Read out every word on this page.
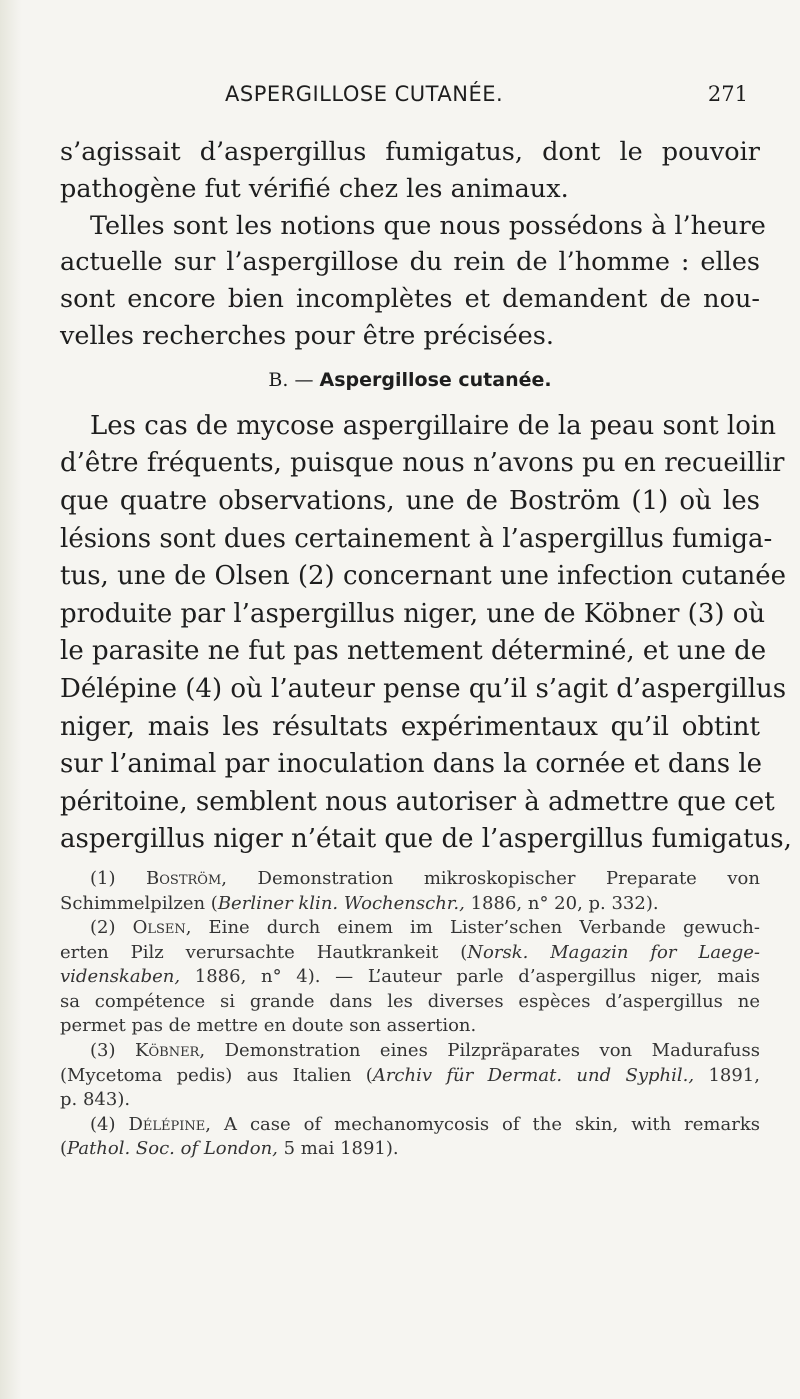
ASPERGILLOSE CUTANÉE.	271
s’agissait d’aspergillus fumigatus, dont le pouvoir
pathogène fut vérifié chez les animaux.
Telles sont les notions que nous possédons à l’heure
actuelle sur l’aspergillose du rein de l’homme : elles
sont encore bien incomplètes et demandent de nou-
velles recherches pour être précisées.
B. — Aspergillose cutanée.
Les cas de mycose aspergillaire de la peau sont loin
d’être fréquents, puisque nous n’avons pu en recueillir
que quatre observations, une de Boström (1) où les
lésions sont dues certainement à l’aspergillus fumiga-
tus, une de Olsen (2) concernant une infection cutanée
produite par l’aspergillus niger, une de Köbner (3) où
le parasite ne fut pas nettement déterminé, et une de
Délépine (4) où l’auteur pense qu’il s’agit d’aspergillus
niger, mais les résultats expérimentaux qu’il obtint
sur l’animal par inoculation dans la cornée et dans le
péritoine, semblent nous autoriser à admettre que cet
aspergillus niger n’était que de l’aspergillus fumigatus,
(1) Boström, Demonstration mikroskopischer Preparate von
Schimmelpilzen (Berliner klin. Wochenschr., 1886, n° 20, p. 332).
(2) Olsen, Eine durch einem im Lister’schen Verbande gewuch-
erten Pilz verursachte Hautkrankeit (Norsk. Magazin for Laege-
videnskaben, 1886, n° 4). — L’auteur parle d’aspergillus niger, mais
sa compétence si grande dans les diverses espèces d’aspergillus ne
permet pas de mettre en doute son assertion.
(3) Köbner, Demonstration eines Pilzpräparates von Madurafuss
(Mycetoma pedis) aus Italien (Archiv für Dermat. und Syphil., 1891,
p. 843).
(4) Délépine, A case of mechanomycosis of the skin, with remarks
(Pathol. Soc. of London, 5 mai 1891).
